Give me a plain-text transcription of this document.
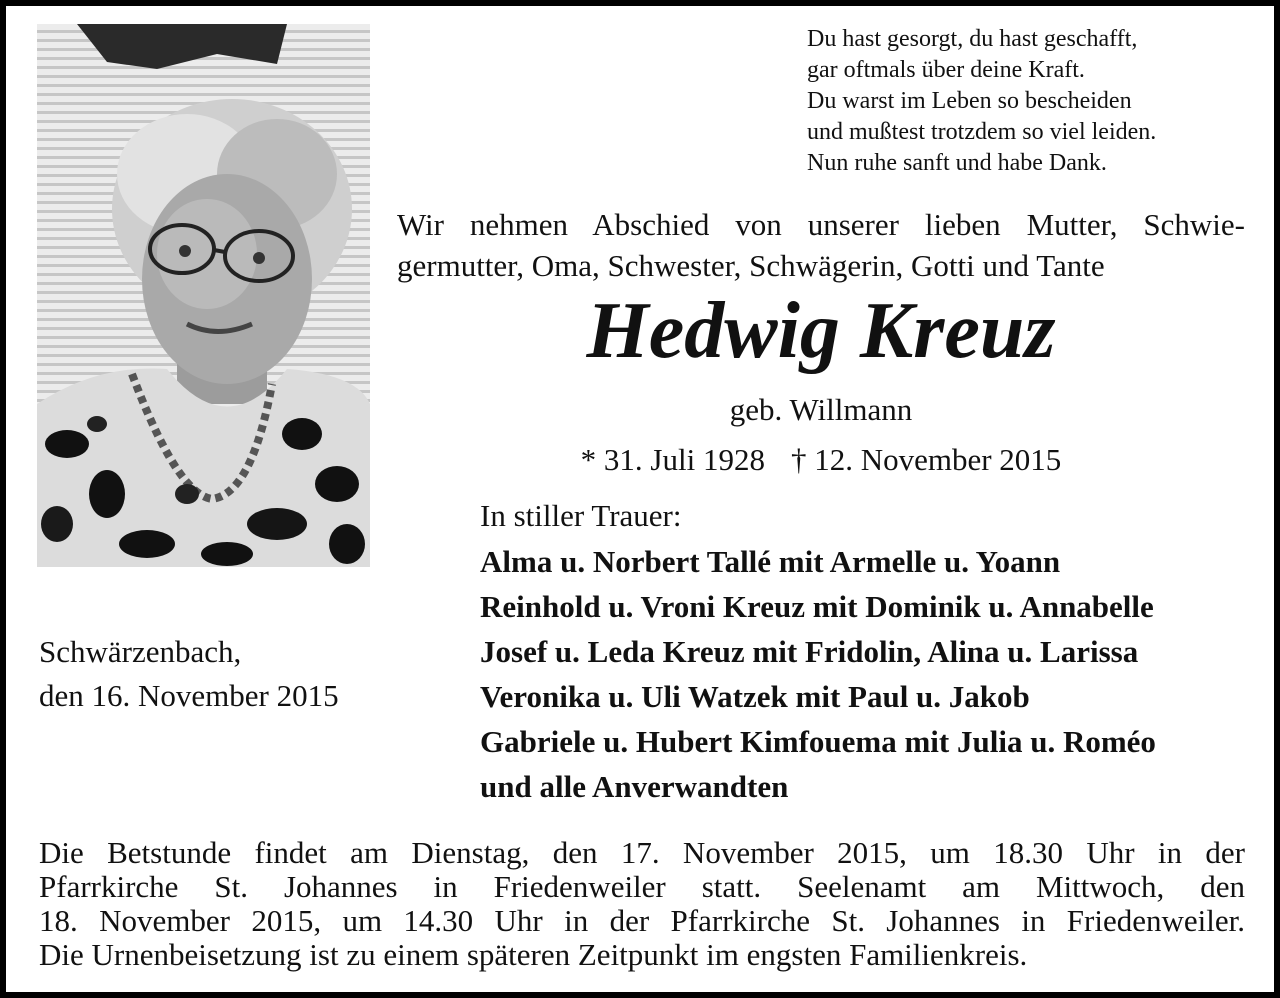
Du hast gesorgt, du hast geschafft,
gar oftmals über deine Kraft.
Du warst im Leben so bescheiden
und mußtest trotzdem so viel leiden.
Nun ruhe sanft und habe Dank.
Wir nehmen Abschied von unserer lieben Mutter, Schwie-
germutter, Oma, Schwester, Schwägerin, Gotti und Tante
Hedwig Kreuz
geb. Willmann
* 31. Juli 1928 † 12. November 2015
In stiller Trauer:
Alma u. Norbert Tallé mit Armelle u. Yoann
Reinhold u. Vroni Kreuz mit Dominik u. Annabelle
Josef u. Leda Kreuz mit Fridolin, Alina u. Larissa
Veronika u. Uli Watzek mit Paul u. Jakob
Gabriele u. Hubert Kimfouema mit Julia u. Roméo
und alle Anverwandten
Schwärzenbach,
den 16. November 2015
Die Betstunde findet am Dienstag, den 17. November 2015, um 18.30 Uhr in der
Pfarrkirche St. Johannes in Friedenweiler statt. Seelenamt am Mittwoch, den
18. November 2015, um 14.30 Uhr in der Pfarrkirche St. Johannes in Friedenweiler.
Die Urnenbeisetzung ist zu einem späteren Zeitpunkt im engsten Familienkreis.
